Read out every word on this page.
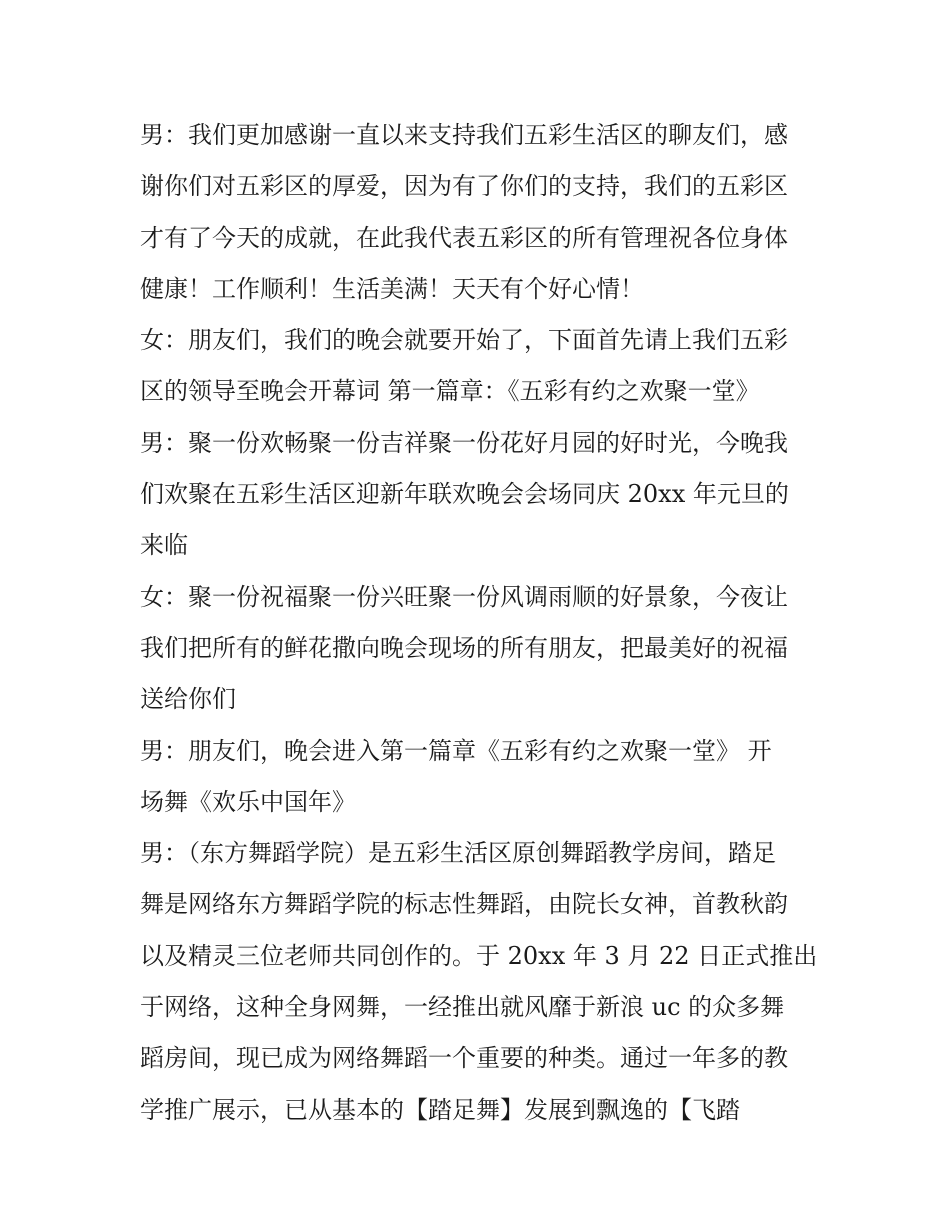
男：我们更加感谢一直以来支持我们五彩生活区的聊友们，感
谢你们对五彩区的厚爱，因为有了你们的支持，我们的五彩区
才有了今天的成就，在此我代表五彩区的所有管理祝各位身体
健康！工作顺利！生活美满！天天有个好心情！
女：朋友们，我们的晚会就要开始了，下面首先请上我们五彩
区的领导至晚会开幕词 第一篇章：《五彩有约之欢聚一堂》
男：聚一份欢畅聚一份吉祥聚一份花好月园的好时光，今晚我
们欢聚在五彩生活区迎新年联欢晚会会场同庆 20xx 年元旦的
来临
女：聚一份祝福聚一份兴旺聚一份风调雨顺的好景象，今夜让
我们把所有的鲜花撒向晚会现场的所有朋友，把最美好的祝福
送给你们
男：朋友们，晚会进入第一篇章《五彩有约之欢聚一堂》 开
场舞《欢乐中国年》
男：（东方舞蹈学院）是五彩生活区原创舞蹈教学房间，踏足
舞是网络东方舞蹈学院的标志性舞蹈，由院长女神，首教秋韵
以及精灵三位老师共同创作的。于 20xx 年 3 月 22 日正式推出
于网络，这种全身网舞，一经推出就风靡于新浪 uc 的众多舞
蹈房间，现已成为网络舞蹈一个重要的种类。通过一年多的教
学推广展示，已从基本的【踏足舞】发展到飘逸的【飞踏
